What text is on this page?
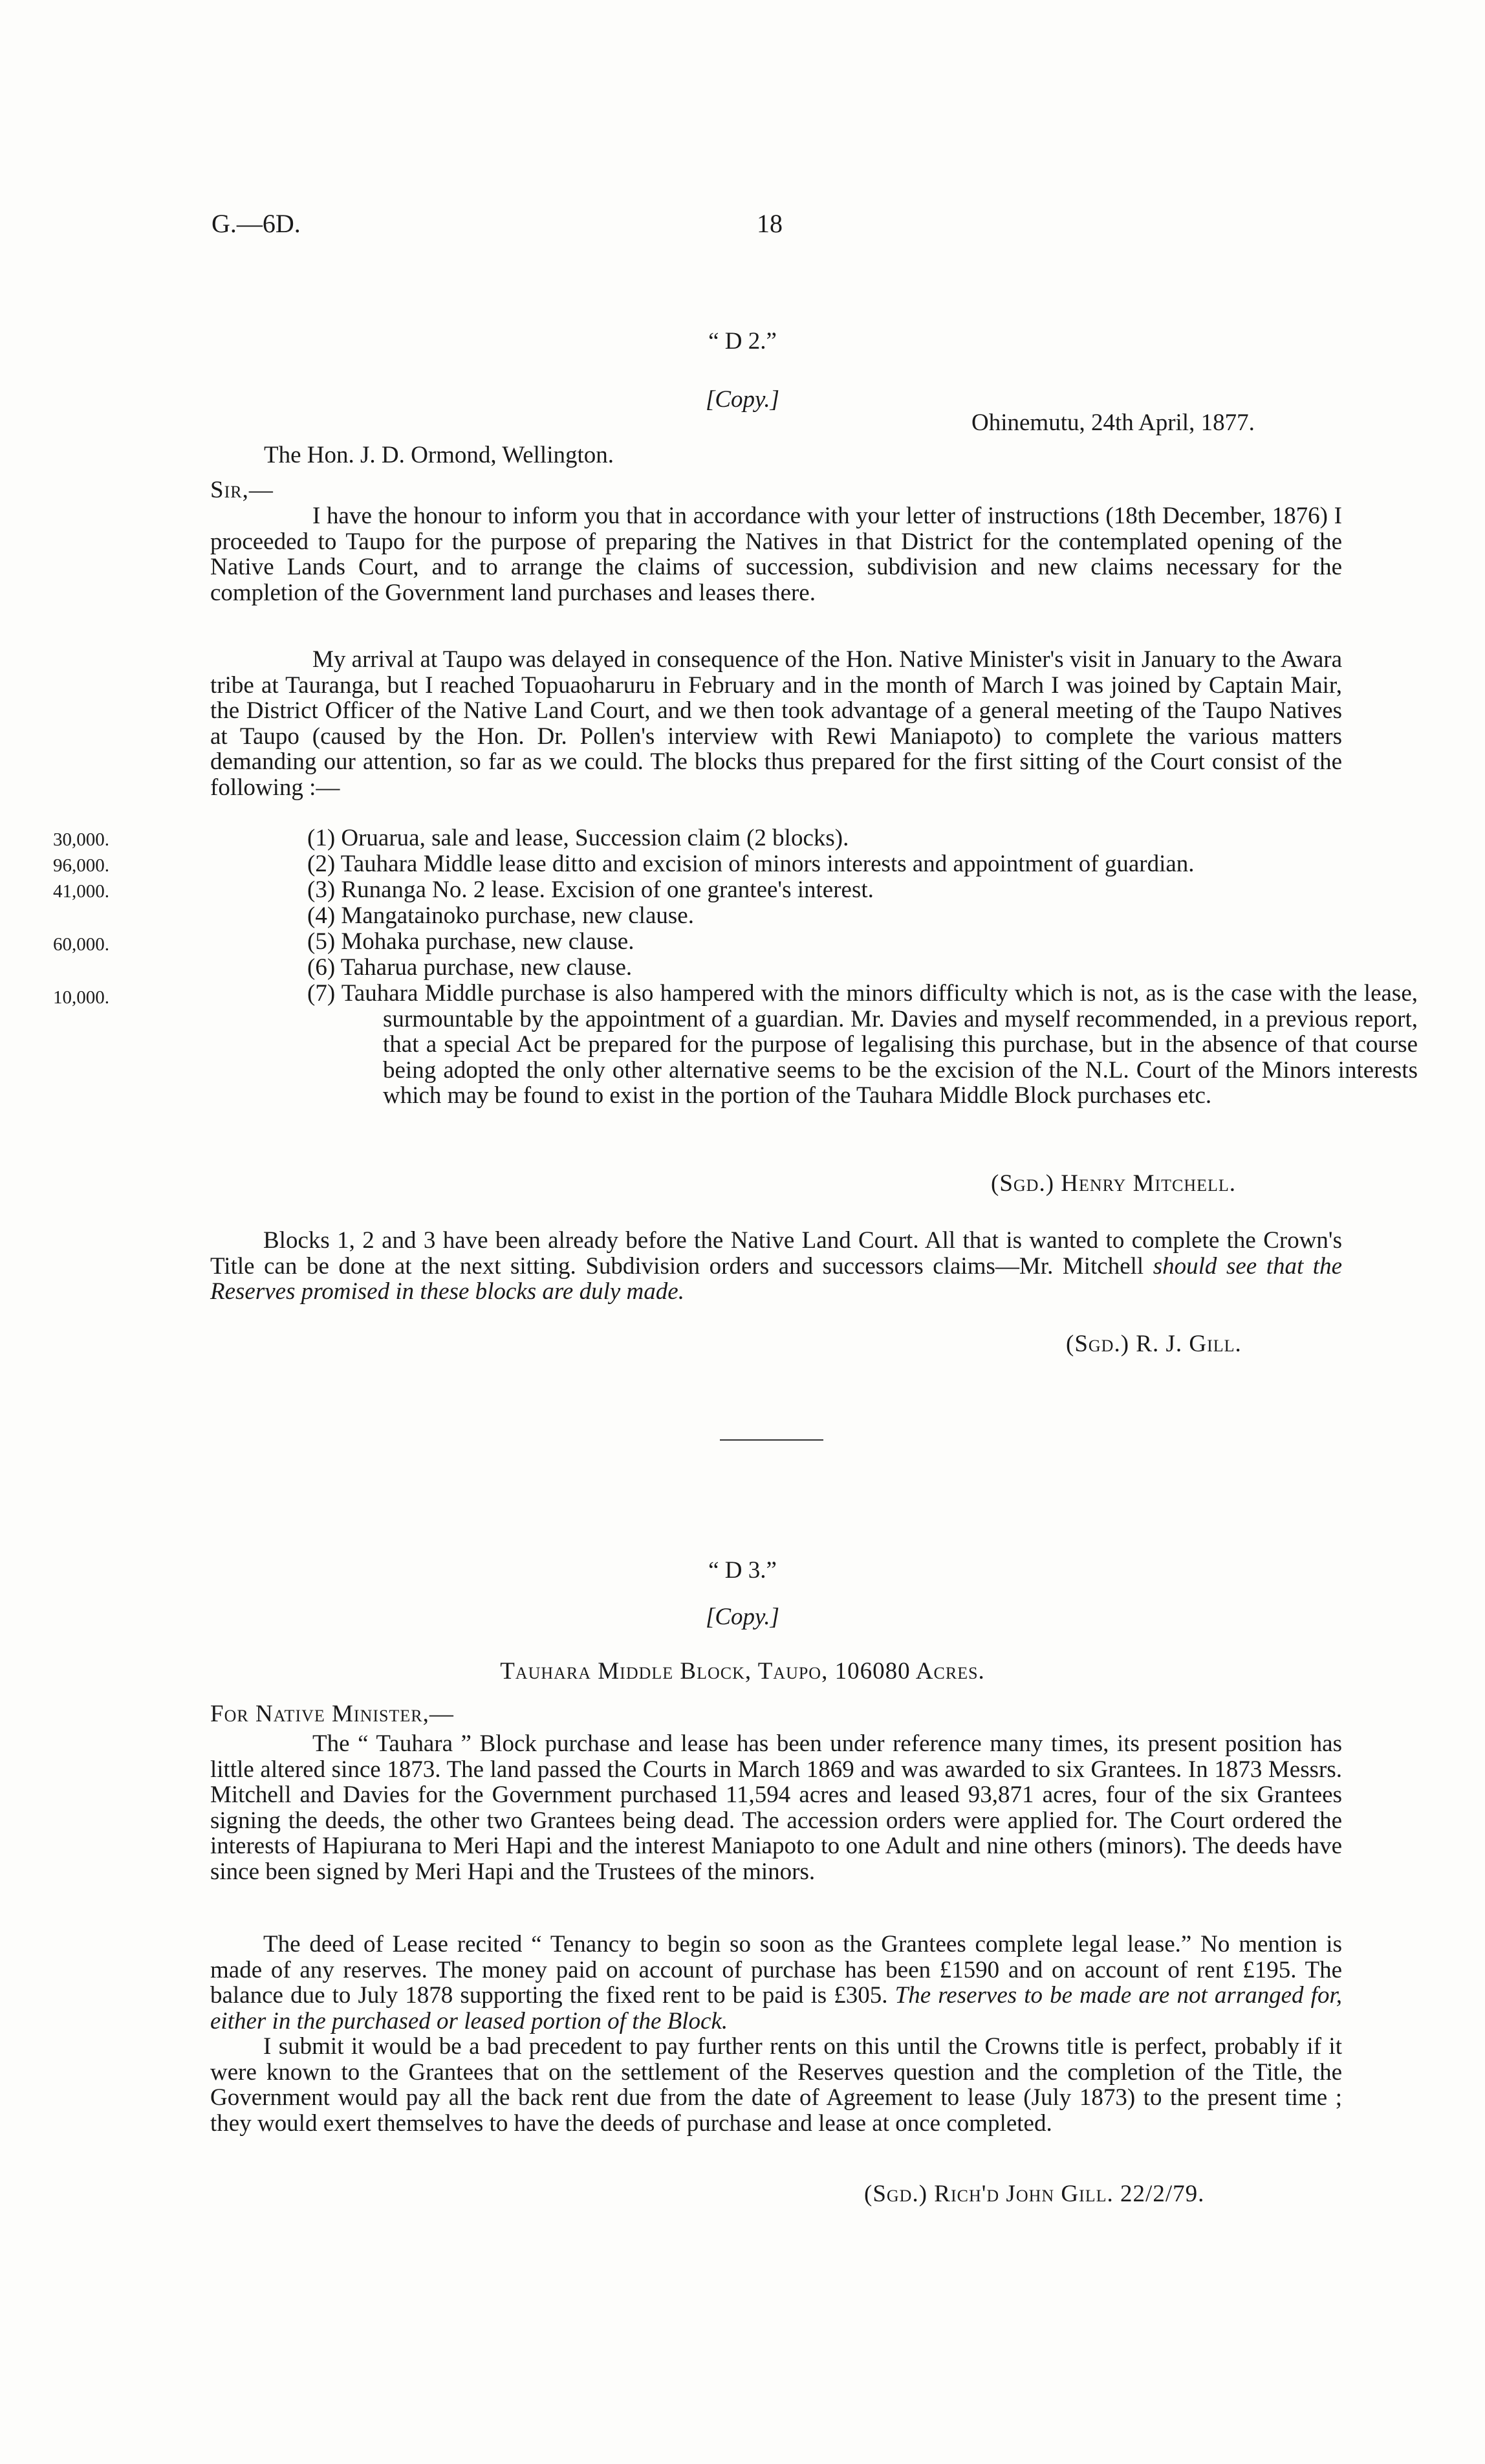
G.—6D.	18
“ D 2.”
[Copy.]
Ohinemutu, 24th April, 1877.
The Hon. J. D. Ormond, Wellington.
Sir,—
I have the honour to inform you that in accordance with your letter of instructions (18th December, 1876) I proceeded to Taupo for the purpose of preparing the Natives in that District for the contemplated opening of the Native Lands Court, and to arrange the claims of succession, subdivision and new claims necessary for the completion of the Government land purchases and leases there.
My arrival at Taupo was delayed in consequence of the Hon. Native Minister's visit in January to the Awara tribe at Tauranga, but I reached Topuaoharuru in February and in the month of March I was joined by Captain Mair, the District Officer of the Native Land Court, and we then took advantage of a general meeting of the Taupo Natives at Taupo (caused by the Hon. Dr. Pollen's interview with Rewi Maniapoto) to complete the various matters demanding our attention, so far as we could. The blocks thus prepared for the first sitting of the Court consist of the following :—
30,000.
96,000.
41,000.
60,000.
10,000.
(1) Oruarua, sale and lease, Succession claim (2 blocks).
(2) Tauhara Middle lease ditto and excision of minors interests and appointment of guardian.
(3) Runanga No. 2 lease. Excision of one grantee's interest.
(4) Mangatainoko purchase, new clause.
(5) Mohaka purchase, new clause.
(6) Taharua purchase, new clause.
(7) Tauhara Middle purchase is also hampered with the minors difficulty which is not, as is the case with the lease, surmountable by the appointment of a guardian. Mr. Davies and myself recommended, in a previous report, that a special Act be prepared for the purpose of legalising this purchase, but in the absence of that course being adopted the only other alternative seems to be the excision of the N.L. Court of the Minors interests which may be found to exist in the portion of the Tauhara Middle Block purchases etc.
(Sgd.) Henry Mitchell.
Blocks 1, 2 and 3 have been already before the Native Land Court. All that is wanted to complete the Crown's Title can be done at the next sitting. Subdivision orders and successors claims—Mr. Mitchell should see that the Reserves promised in these blocks are duly made.
(Sgd.) R. J. Gill.
“ D 3.”
[Copy.]
Tauhara Middle Block, Taupo, 106080 Acres.
For Native Minister,—
The “ Tauhara ” Block purchase and lease has been under reference many times, its present position has little altered since 1873. The land passed the Courts in March 1869 and was awarded to six Grantees. In 1873 Messrs. Mitchell and Davies for the Government purchased 11,594 acres and leased 93,871 acres, four of the six Grantees signing the deeds, the other two Grantees being dead. The accession orders were applied for. The Court ordered the interests of Hapiurana to Meri Hapi and the interest Maniapoto to one Adult and nine others (minors). The deeds have since been signed by Meri Hapi and the Trustees of the minors.
The deed of Lease recited “ Tenancy to begin so soon as the Grantees complete legal lease.” No mention is made of any reserves. The money paid on account of purchase has been £1590 and on account of rent £195. The balance due to July 1878 supporting the fixed rent to be paid is £305. The reserves to be made are not arranged for, either in the purchased or leased portion of the Block.
I submit it would be a bad precedent to pay further rents on this until the Crowns title is perfect, probably if it were known to the Grantees that on the settlement of the Reserves question and the completion of the Title, the Government would pay all the back rent due from the date of Agreement to lease (July 1873) to the present time ; they would exert themselves to have the deeds of purchase and lease at once completed.
(Sgd.) Rich'd John Gill. 22/2/79.
